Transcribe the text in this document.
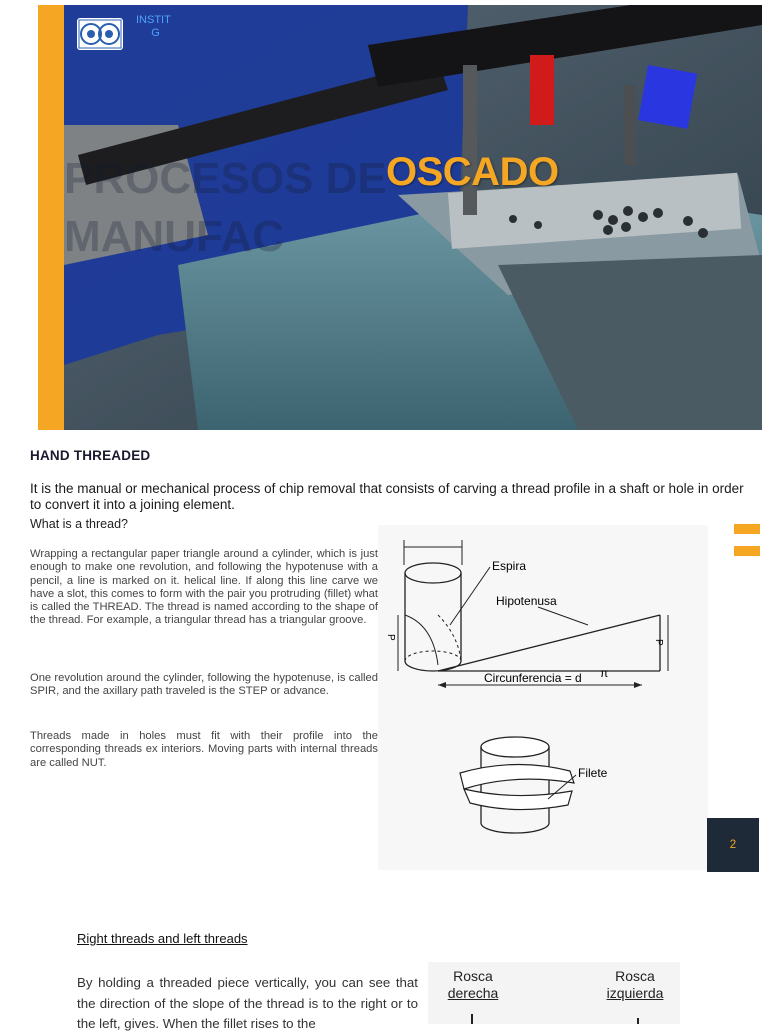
INSTIT
G
PROCESOS DE
MANUFAC
OSCADO
HAND THREADED
It is the manual or mechanical process of chip removal that consists of carving a thread profile in a shaft or hole in order to convert it into a joining element.
What is a thread?
Wrapping a rectangular paper triangle around a cylinder, which is just enough to make one revolution, and following the hypotenuse with a pencil, a line is marked on it. helical line. If along this line carve we have a slot, this comes to form with the pair you protruding (fillet) what is called the THREAD. The thread is named according to the shape of the thread. For example, a triangular thread has a triangular groove.
One revolution around the cylinder, following the hypotenuse, is called SPIR, and the axillary path traveled is the STEP or advance.
Threads made in holes must fit with their profile into the corresponding threads ex interiors. Moving parts with internal threads are called NUT.
P
P
Espira
Hipotenusa
Circunferencia = d π
Filete
2
Right threads and left threads
By holding a threaded piece vertically, you can see that the direction of the slope of the thread is to the right or to the left, gives. When the fillet rises to the
Rosca
derecha
Rosca
izquierda
